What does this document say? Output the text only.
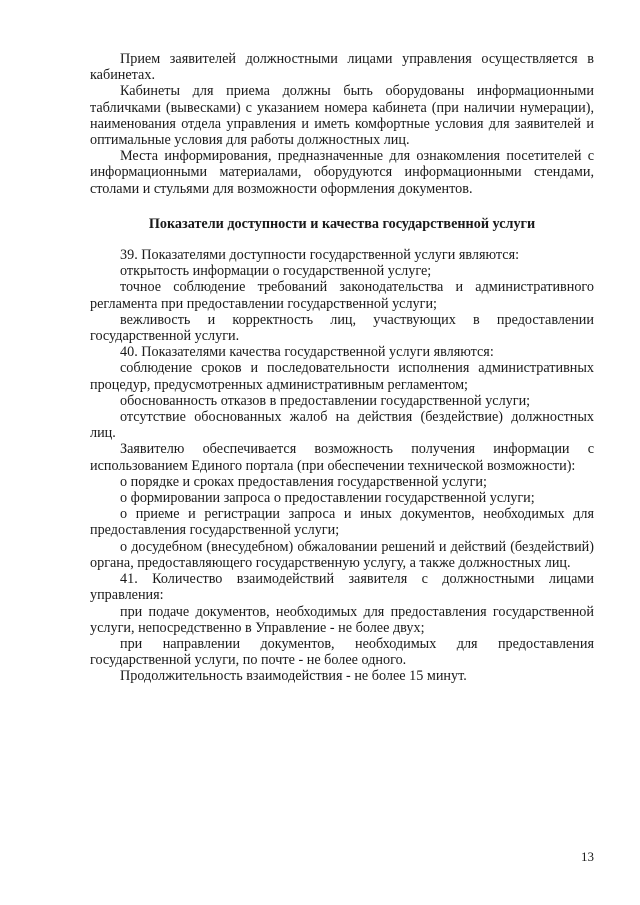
Прием заявителей должностными лицами управления осуществляется в кабинетах.

Кабинеты для приема должны быть оборудованы информационными табличками (вывесками) с указанием номера кабинета (при наличии нумерации), наименования отдела управления и иметь комфортные условия для заявителей и оптимальные условия для работы должностных лиц.

Места информирования, предназначенные для ознакомления посетителей с информационными материалами, оборудуются информационными стендами, столами и стульями для возможности оформления документов.

Показатели доступности и качества государственной услуги

39. Показателями доступности государственной услуги являются:

открытость информации о государственной услуге;

точное соблюдение требований законодательства и административного регламента при предоставлении государственной услуги;

вежливость и корректность лиц, участвующих в предоставлении государственной услуги.

40. Показателями качества государственной услуги являются:

соблюдение сроков и последовательности исполнения административных процедур, предусмотренных административным регламентом;

обоснованность отказов в предоставлении государственной услуги;

отсутствие обоснованных жалоб на действия (бездействие) должностных лиц.

Заявителю обеспечивается возможность получения информации с использованием Единого портала (при обеспечении технической возможности):

о порядке и сроках предоставления государственной услуги;

о формировании запроса о предоставлении государственной услуги;

о приеме и регистрации запроса и иных документов, необходимых для предоставления государственной услуги;

о досудебном (внесудебном) обжаловании решений и действий (бездействий) органа, предоставляющего государственную услугу, а также должностных лиц.

41. Количество взаимодействий заявителя с должностными лицами управления:

при подаче документов, необходимых для предоставления государственной услуги, непосредственно в Управление - не более двух;

при направлении документов, необходимых для предоставления государственной услуги, по почте - не более одного.

Продолжительность взаимодействия - не более 15 минут.

13
